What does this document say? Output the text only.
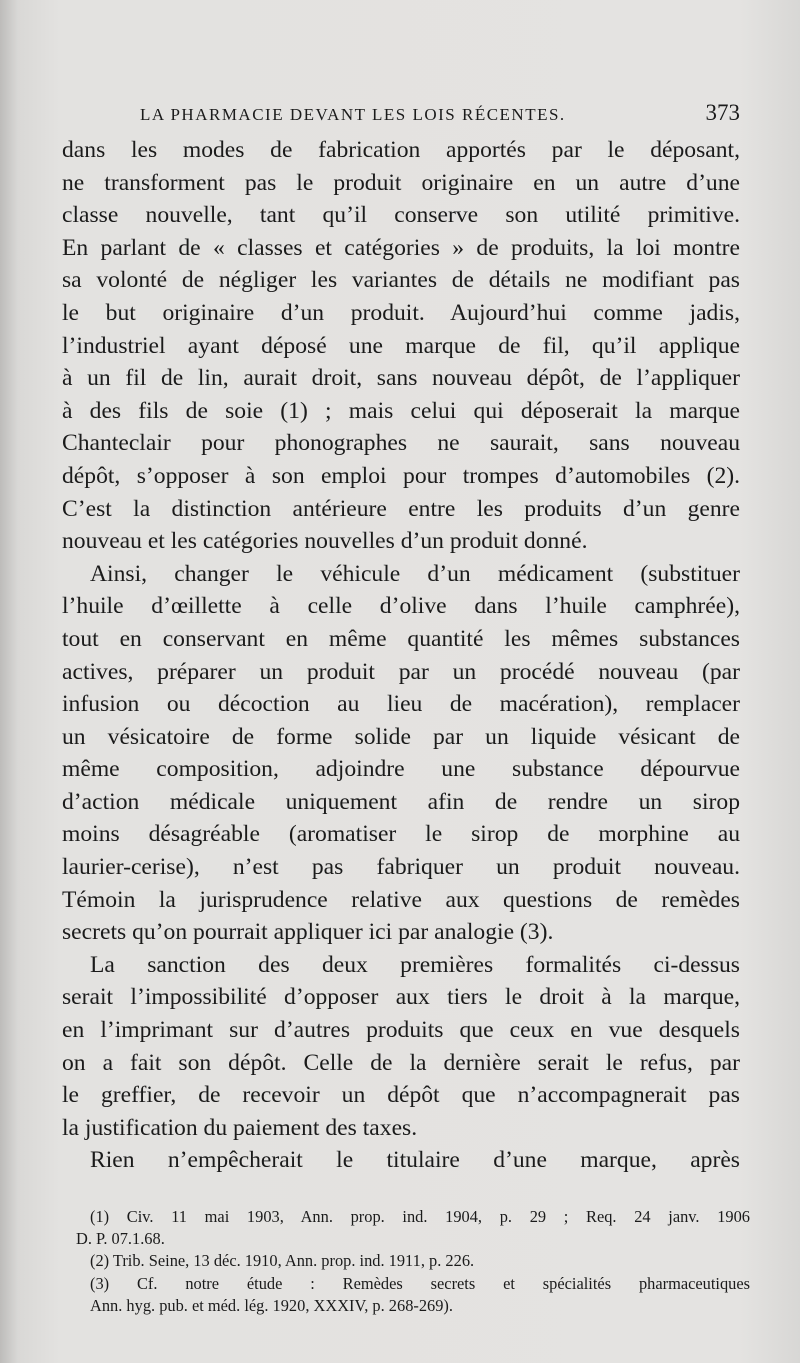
LA PHARMACIE DEVANT LES LOIS RÉCENTES.	373
dans les modes de fabrication apportés par le déposant,
ne transforment pas le produit originaire en un autre d’une
classe nouvelle, tant qu’il conserve son utilité primitive.
En parlant de « classes et catégories » de produits, la loi montre
sa volonté de négliger les variantes de détails ne modifiant pas
le but originaire d’un produit. Aujourd’hui comme jadis,
l’industriel ayant déposé une marque de fil, qu’il applique
à un fil de lin, aurait droit, sans nouveau dépôt, de l’appliquer
à des fils de soie (1) ; mais celui qui déposerait la marque
Chanteclair pour phonographes ne saurait, sans nouveau
dépôt, s’opposer à son emploi pour trompes d’automobiles (2).
C’est la distinction antérieure entre les produits d’un genre
nouveau et les catégories nouvelles d’un produit donné.
Ainsi, changer le véhicule d’un médicament (substituer
l’huile d’œillette à celle d’olive dans l’huile camphrée),
tout en conservant en même quantité les mêmes substances
actives, préparer un produit par un procédé nouveau (par
infusion ou décoction au lieu de macération), remplacer
un vésicatoire de forme solide par un liquide vésicant de
même composition, adjoindre une substance dépourvue
d’action médicale uniquement afin de rendre un sirop
moins désagréable (aromatiser le sirop de morphine au
laurier-cerise), n’est pas fabriquer un produit nouveau.
Témoin la jurisprudence relative aux questions de remèdes
secrets qu’on pourrait appliquer ici par analogie (3).
La sanction des deux premières formalités ci-dessus
serait l’impossibilité d’opposer aux tiers le droit à la marque,
en l’imprimant sur d’autres produits que ceux en vue desquels
on a fait son dépôt. Celle de la dernière serait le refus, par
le greffier, de recevoir un dépôt que n’accompagnerait pas
la justification du paiement des taxes.
Rien n’empêcherait le titulaire d’une marque, après
(1) Civ. 11 mai 1903, Ann. prop. ind. 1904, p. 29 ; Req. 24 janv. 1906
D. P. 07.1.68.
(2) Trib. Seine, 13 déc. 1910, Ann. prop. ind. 1911, p. 226.
(3) Cf. notre étude : Remèdes secrets et spécialités pharmaceutiques
Ann. hyg. pub. et méd. lég. 1920, XXXIV, p. 268-269).
